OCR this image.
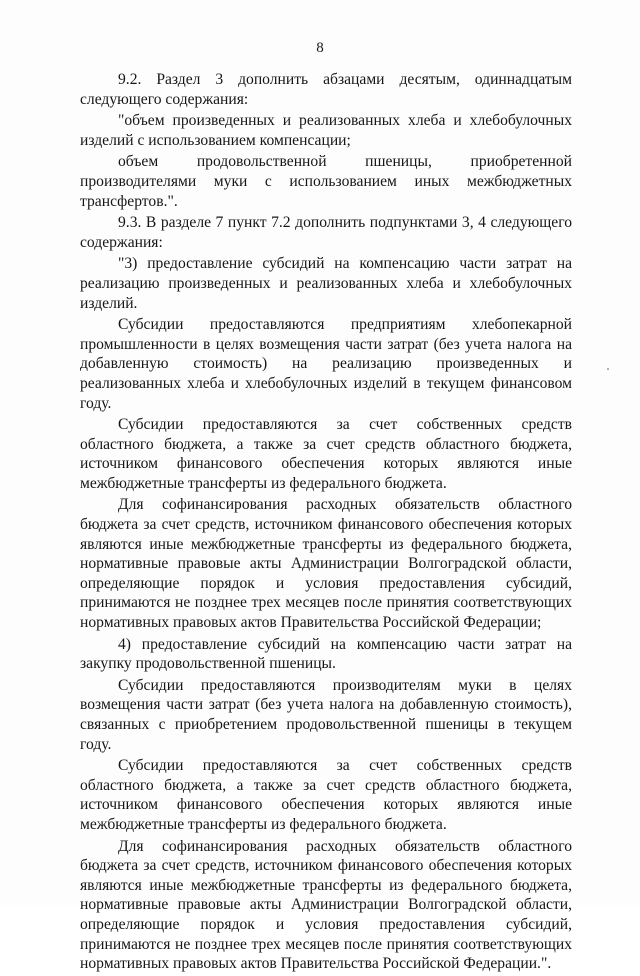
8

9.2. Раздел 3 дополнить абзацами десятым, одиннадцатым следующего содержания:

"объем произведенных и реализованных хлеба и хлебобулочных изделий с использованием компенсации;

объем продовольственной пшеницы, приобретенной производителями муки с использованием иных межбюджетных трансфертов.".

9.3. В разделе 7 пункт 7.2 дополнить подпунктами 3, 4 следующего содержания:

"3) предоставление субсидий на компенсацию части затрат на реализацию произведенных и реализованных хлеба и хлебобулочных изделий.

Субсидии предоставляются предприятиям хлебопекарной промышленности в целях возмещения части затрат (без учета налога на добавленную стоимость) на реализацию произведенных и реализованных хлеба и хлебобулочных изделий в текущем финансовом году.

Субсидии предоставляются за счет собственных средств областного бюджета, а также за счет средств областного бюджета, источником финансового обеспечения которых являются иные межбюджетные трансферты из федерального бюджета.

Для софинансирования расходных обязательств областного бюджета за счет средств, источником финансового обеспечения которых являются иные межбюджетные трансферты из федерального бюджета, нормативные правовые акты Администрации Волгоградской области, определяющие порядок и условия предоставления субсидий, принимаются не позднее трех месяцев после принятия соответствующих нормативных правовых актов Правительства Российской Федерации;

4) предоставление субсидий на компенсацию части затрат на закупку продовольственной пшеницы.

Субсидии предоставляются производителям муки в целях возмещения части затрат (без учета налога на добавленную стоимость), связанных с приобретением продовольственной пшеницы в текущем году.

Субсидии предоставляются за счет собственных средств областного бюджета, а также за счет средств областного бюджета, источником финансового обеспечения которых являются иные межбюджетные трансферты из федерального бюджета.

Для софинансирования расходных обязательств областного бюджета за счет средств, источником финансового обеспечения которых являются иные межбюджетные трансферты из федерального бюджета, нормативные правовые акты Администрации Волгоградской области, определяющие порядок и условия предоставления субсидий, принимаются не позднее трех месяцев после принятия соответствующих нормативных правовых актов Правительства Российской Федерации.".
